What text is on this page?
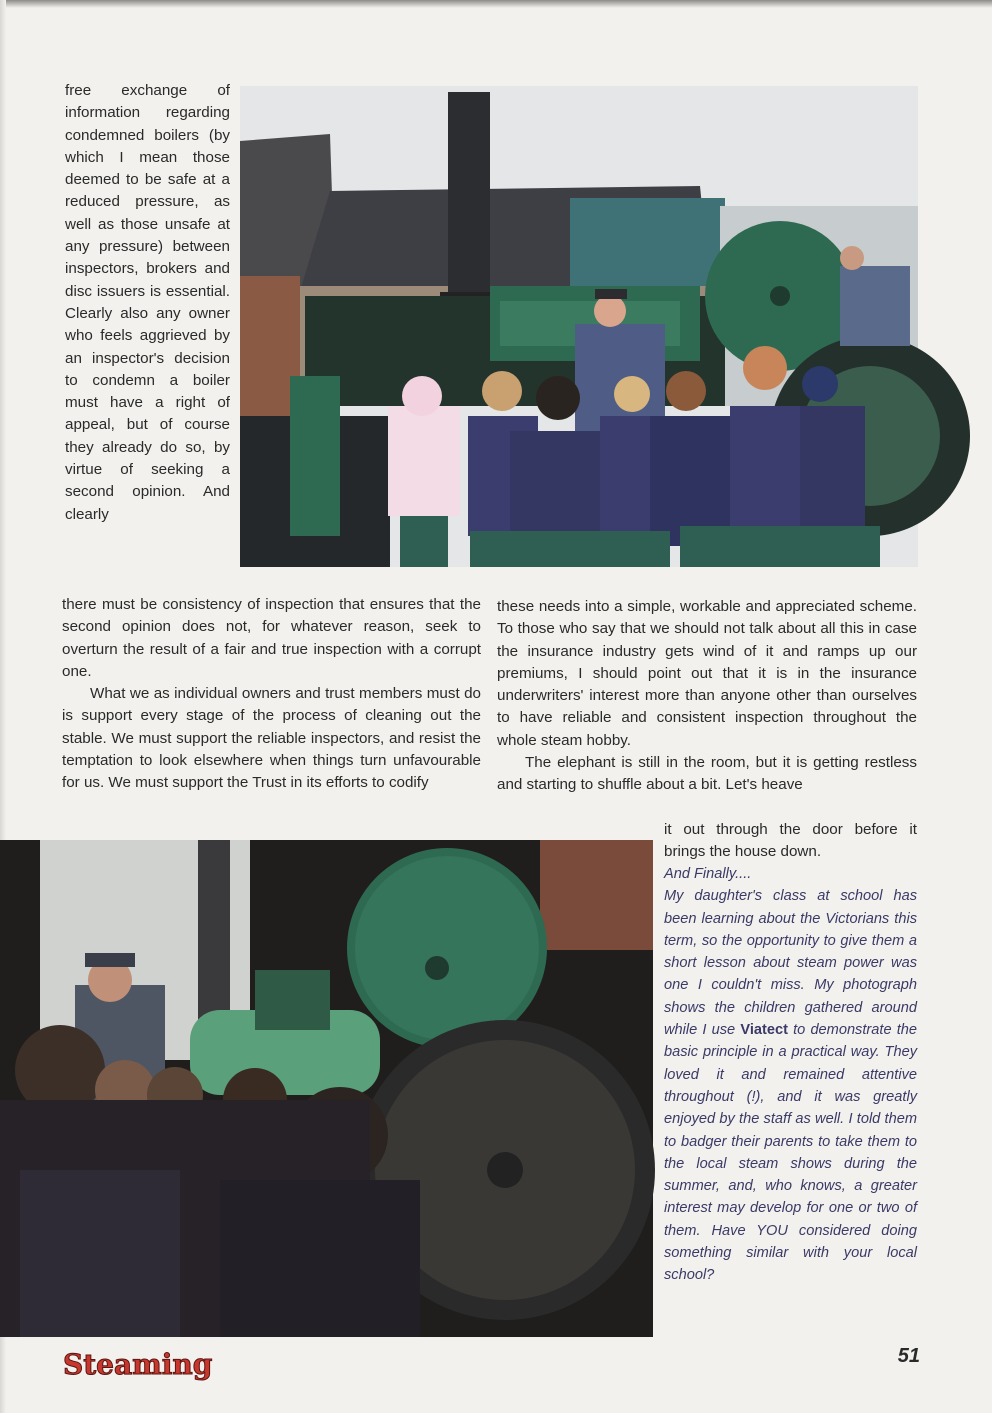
free exchange of information regarding condemned boilers (by which I mean those deemed to be safe at a reduced pressure, as well as those unsafe at any pressure) between inspectors, brokers and disc issuers is essential. Clearly also any owner who feels aggrieved by an inspector's decision to condemn a boiler must have a right of appeal, but of course they already do so, by virtue of seeking a second opinion. And clearly

there must be consistency of inspection that ensures that the second opinion does not, for whatever reason, seek to overturn the result of a fair and true inspection with a corrupt one.

What we as individual owners and trust members must do is support every stage of the process of cleaning out the stable. We must support the reliable inspectors, and resist the temptation to look elsewhere when things turn unfavourable for us. We must support the Trust in its efforts to codify

these needs into a simple, workable and appreciated scheme. To those who say that we should not talk about all this in case the insurance industry gets wind of it and ramps up our premiums, I should point out that it is in the insurance underwriters' interest more than anyone other than ourselves to have reliable and consistent inspection throughout the whole steam hobby.

The elephant is still in the room, but it is getting restless and starting to shuffle about a bit. Let's heave

it out through the door before it brings the house down.

And Finally....

My daughter's class at school has been learning about the Victorians this term, so the opportunity to give them a short lesson about steam power was one I couldn't miss. My photograph shows the children gathered around while I use Viatect to demonstrate the basic principle in a practical way. They loved it and remained attentive throughout (!), and it was greatly enjoyed by the staff as well. I told them to badger their parents to take them to the local steam shows during the summer, and, who knows, a greater interest may develop for one or two of them. Have YOU considered doing something similar with your local school?

Steaming	51
